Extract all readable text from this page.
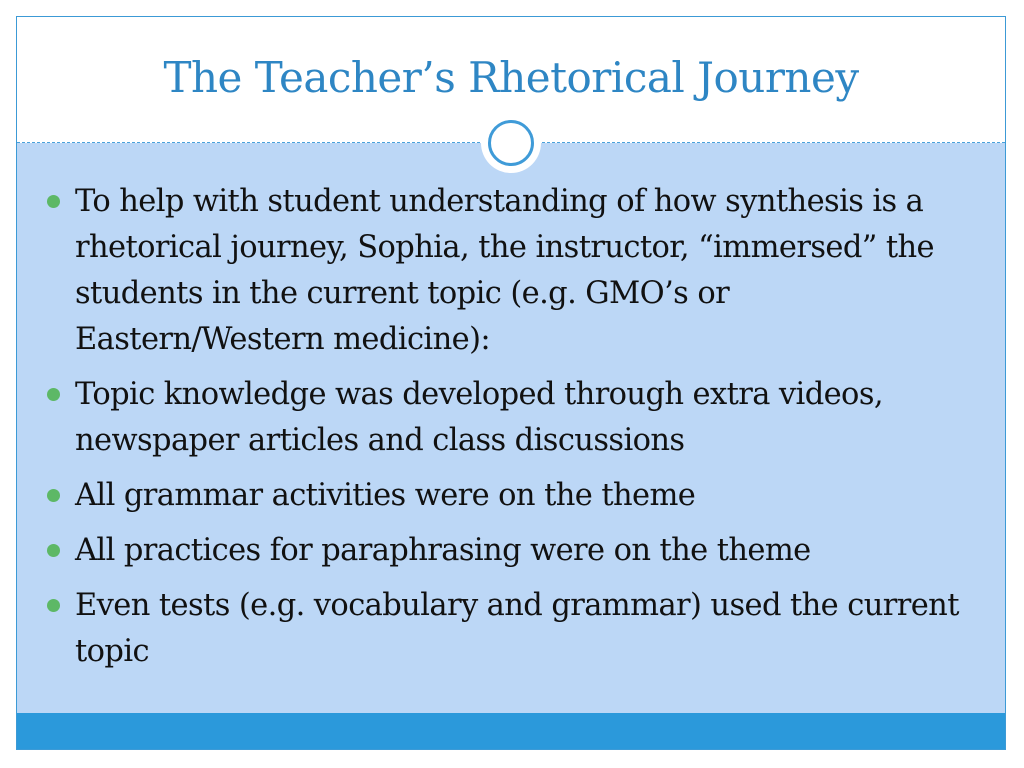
The Teacher’s Rhetorical Journey
To help with student understanding of how synthesis is a rhetorical journey, Sophia, the instructor, “immersed” the students in the current topic (e.g. GMO’s or Eastern/Western medicine):
Topic knowledge was developed through extra videos, newspaper articles and class discussions
All grammar activities were on the theme
All practices for paraphrasing were on the theme
Even tests (e.g. vocabulary and grammar) used the current topic
